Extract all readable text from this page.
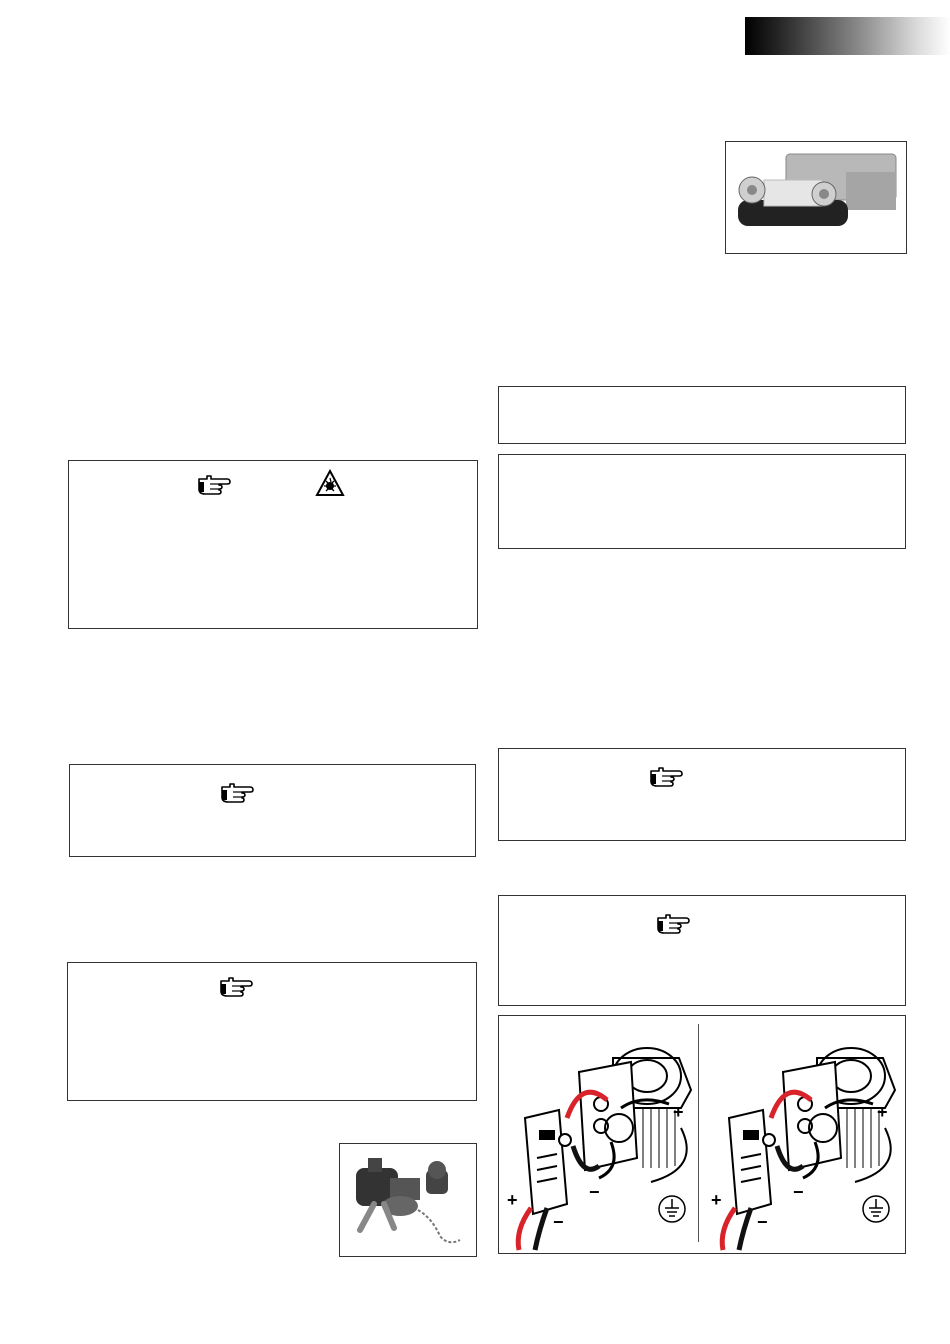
+
−
+
−
+
−
+
−
